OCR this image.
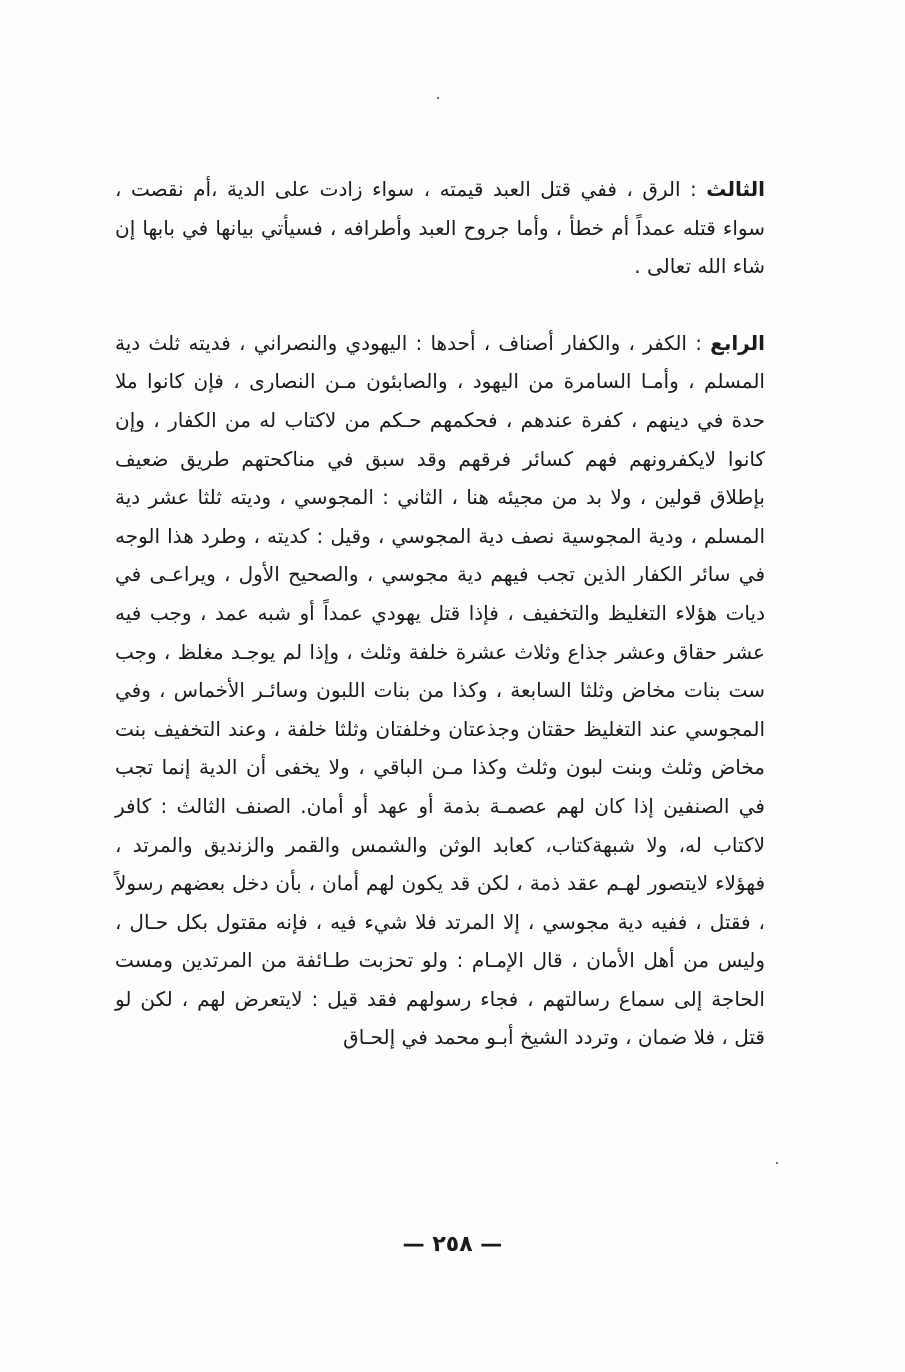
الثالث : الرق ، ففي قتل العبد قيمته ، سواء زادت على الدية ،أم نقصت ، سواء قتله عمداً أم خطأ ، وأما جروح العبد وأطرافه ، فسيأتي بيانها في بابها إن شاء الله تعالى .

الرابع : الكفر ، والكفار أصناف ، أحدها : اليهودي والنصراني ، فديته ثلث دية المسلم ، وأمـا السامرة من اليهود ، والصابئون مـن النصارى ، فإن كانوا ملا حدة في دينهم ، كفرة عندهم ، فحكمهم حـكم من لاكتاب له من الكفار ، وإن كانوا لايكفرونهم فهم كسائر فرقهم وقد سبق في مناكحتهم طريق ضعيف بإطلاق قولين ، ولا بد من مجيئه هنا ، الثاني : المجوسي ، وديته ثلثا عشر دية المسلم ، ودية المجوسية نصف دية المجوسي ، وقيل : كديته ، وطرد هذا الوجه في سائر الكفار الذين تجب فيهم دية مجوسي ، والصحيح الأول ، ويراعـى في ديات هؤلاء التغليظ والتخفيف ، فإذا قتل يهودي عمداً أو شبه عمد ، وجب فيه عشر حقاق وعشر جذاع وثلاث عشرة خلفة وثلث ، وإذا لم يوجـد مغلظ ، وجب ست بنات مخاض وثلثا السابعة ، وكذا من بنات اللبون وسائـر الأخماس ، وفي المجوسي عند التغليظ حقتان وجذعتان وخلفتان وثلثا خلفة ، وعند التخفيف بنت مخاض وثلث وبنت لبون وثلث وكذا مـن الباقي ، ولا يخفى أن الدية إنما تجب في الصنفين إذا كان لهم عصمـة بذمة أو عهد أو أمان. الصنف الثالث : كافر لاكتاب له، ولا شبهةكتاب، كعابد الوثن والشمس والقمر والزنديق والمرتد ، فهؤلاء لايتصور لهـم عقد ذمة ، لكن قد يكون لهم أمان ، بأن دخل بعضهم رسولاً ، فقتل ، ففيه دية مجوسي ، إلا المرتد فلا شيء فيه ، فإنه مقتول بكل حـال ، وليس من أهل الأمان ، قال الإمـام : ولو تحزبت طـائفة من المرتدين ومست الحاجة إلى سماع رسالتهم ، فجاء رسولهم فقد قيل : لايتعرض لهم ، لكن لو قتل ، فلا ضمان ، وتردد الشيخ أبـو محمد في إلحـاق

— ٢٥٨ —
